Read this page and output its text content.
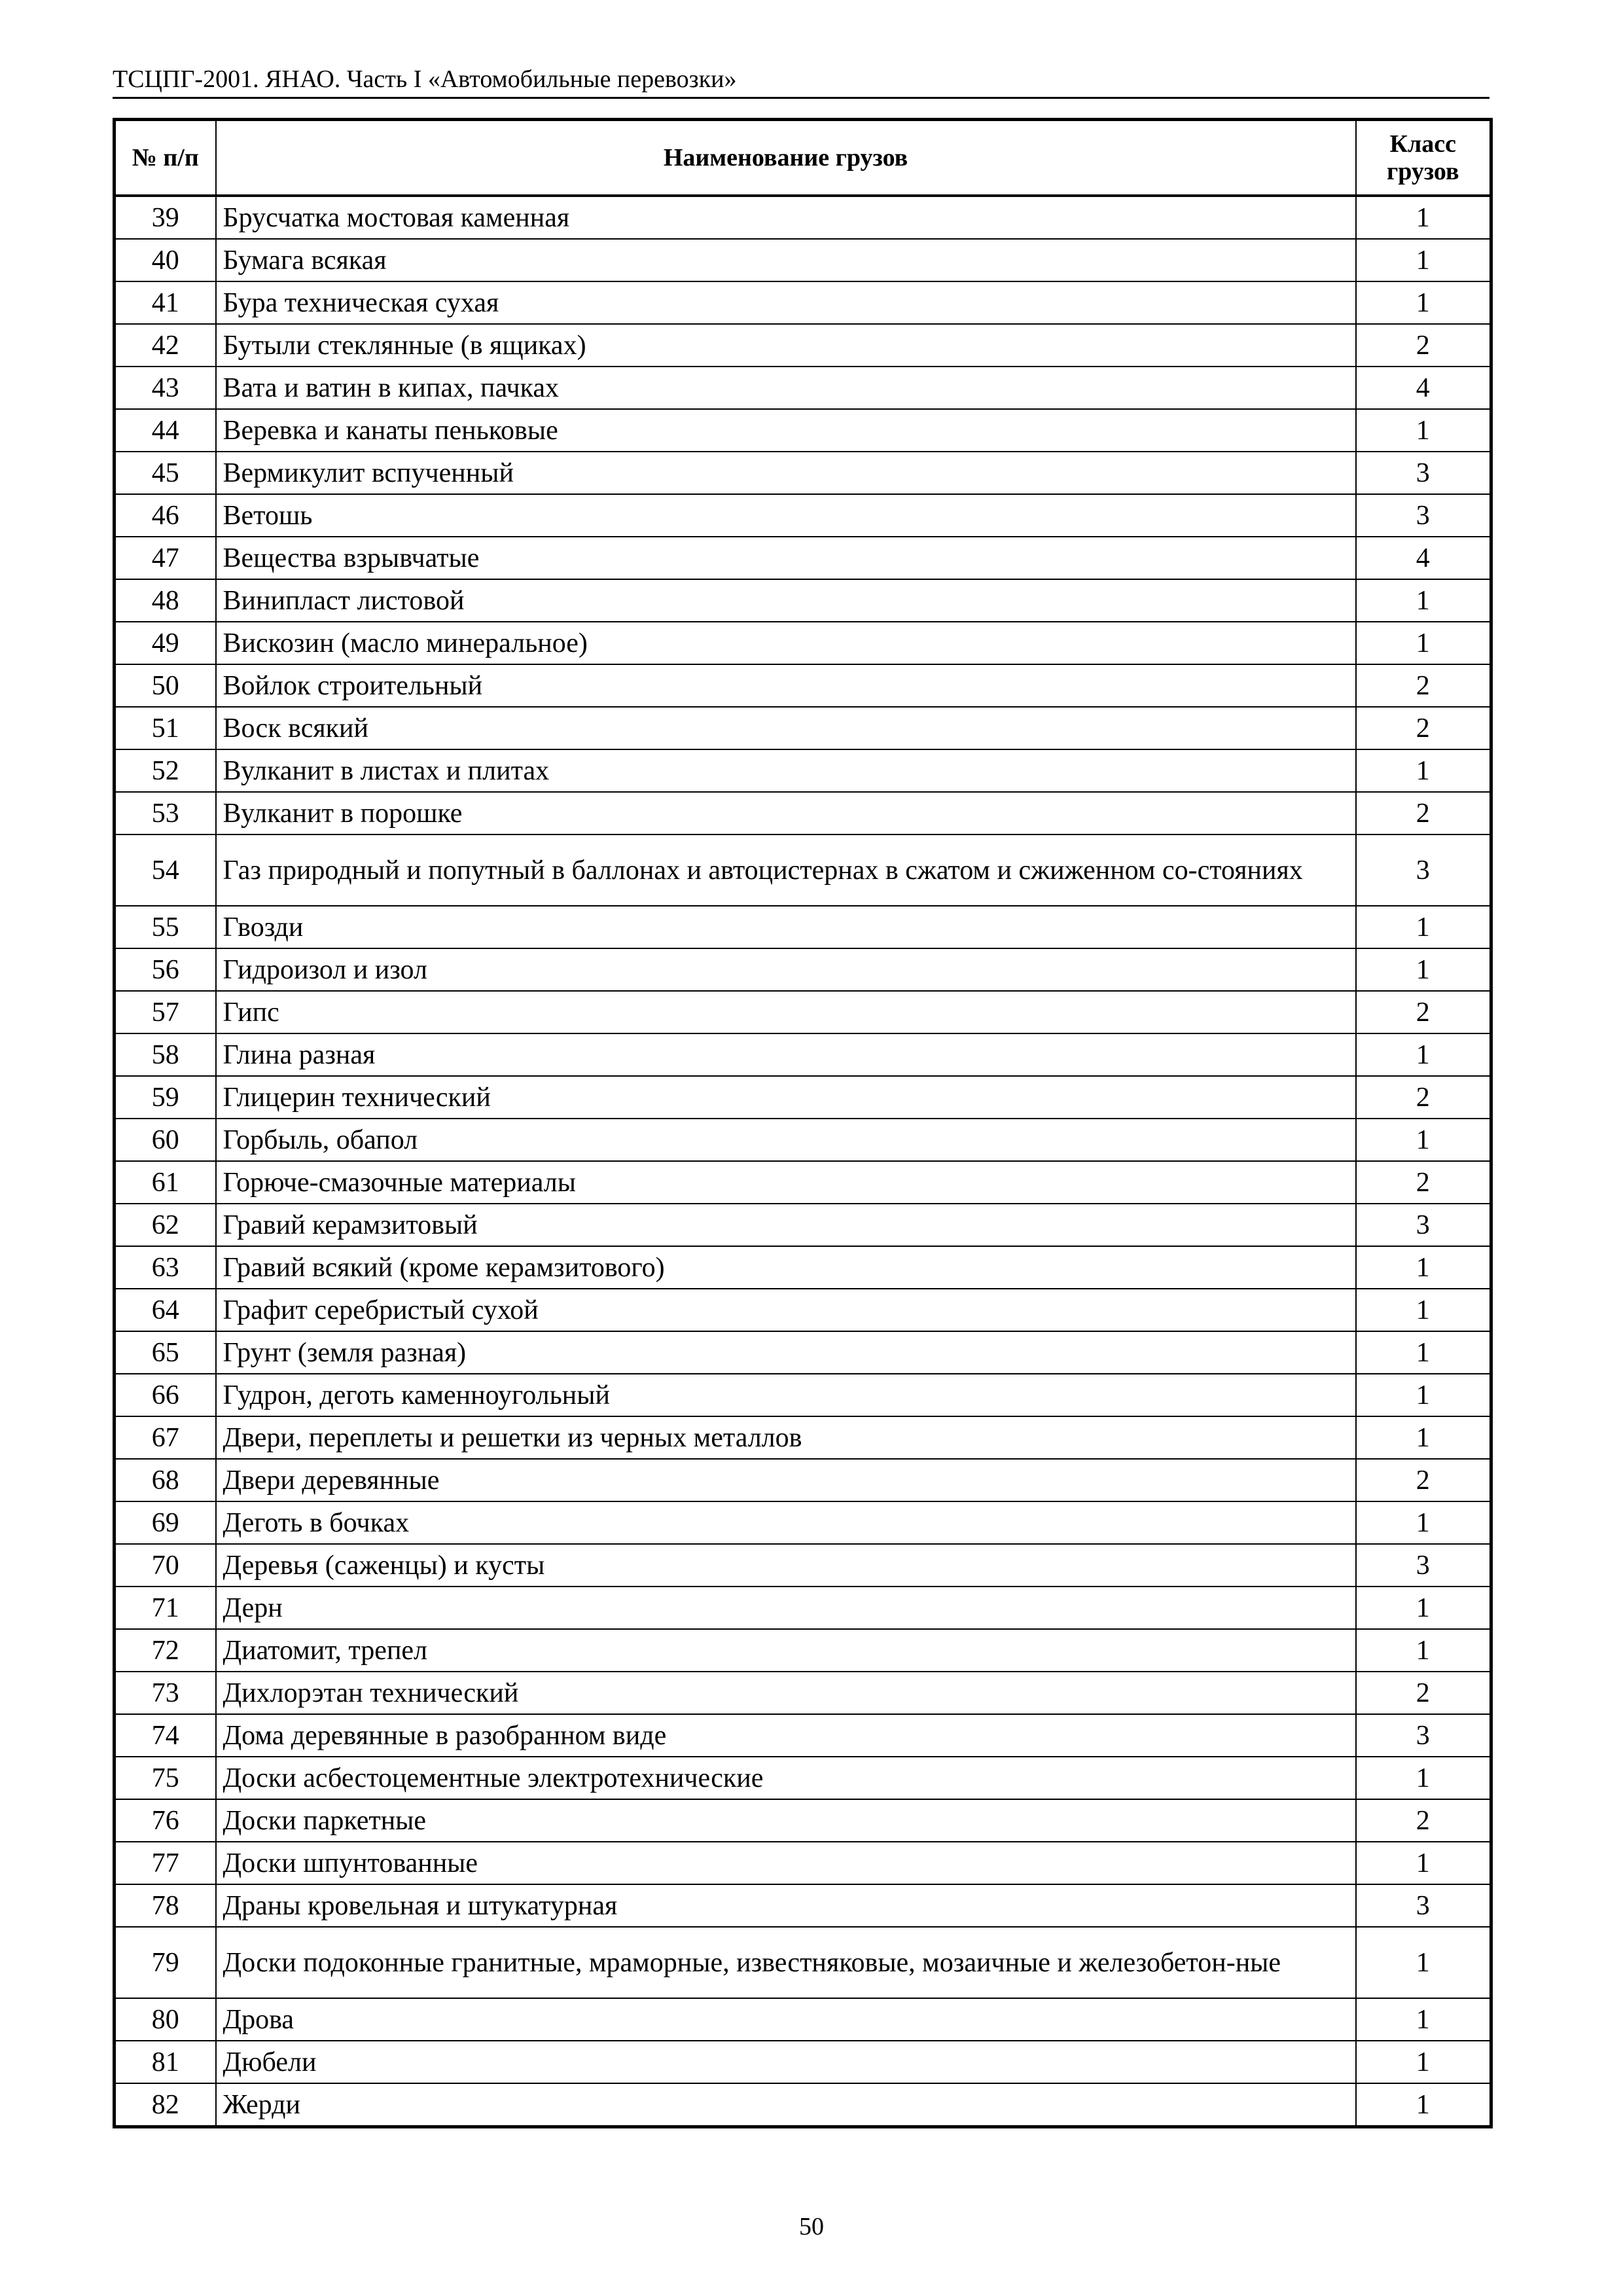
ТСЦПГ-2001. ЯНАО. Часть I «Автомобильные перевозки»
№ п/п	Наименование грузов	Класс грузов

39	Брусчатка мостовая каменная	1
40	Бумага всякая	1
41	Бура техническая сухая	1
42	Бутыли стеклянные (в ящиках)	2
43	Вата и ватин в кипах, пачках	4
44	Веревка и канаты пеньковые	1
45	Вермикулит вспученный	3
46	Ветошь	3
47	Вещества взрывчатые	4
48	Винипласт листовой	1
49	Вискозин (масло минеральное)	1
50	Войлок строительный	2
51	Воск всякий	2
52	Вулканит в листах и плитах	1
53	Вулканит в порошке	2
54	Газ природный и попутный в баллонах и автоцистернах в сжатом и сжиженном со-стояниях	3
55	Гвозди	1
56	Гидроизол и изол	1
57	Гипс	2
58	Глина разная	1
59	Глицерин технический	2
60	Горбыль, обапол	1
61	Горюче-смазочные материалы	2
62	Гравий керамзитовый	3
63	Гравий всякий (кроме керамзитового)	1
64	Графит серебристый сухой	1
65	Грунт (земля разная)	1
66	Гудрон, деготь каменноугольный	1
67	Двери, переплеты и решетки из черных металлов	1
68	Двери деревянные	2
69	Деготь в бочках	1
70	Деревья (саженцы) и кусты	3
71	Дерн	1
72	Диатомит, трепел	1
73	Дихлорэтан технический	2
74	Дома деревянные в разобранном виде	3
75	Доски асбестоцементные электротехнические	1
76	Доски паркетные	2
77	Доски шпунтованные	1
78	Драны кровельная и штукатурная	3
79	Доски подоконные гранитные, мраморные, известняковые, мозаичные и железобетон-ные	1
80	Дрова	1
81	Дюбели	1
82	Жерди	1
50
